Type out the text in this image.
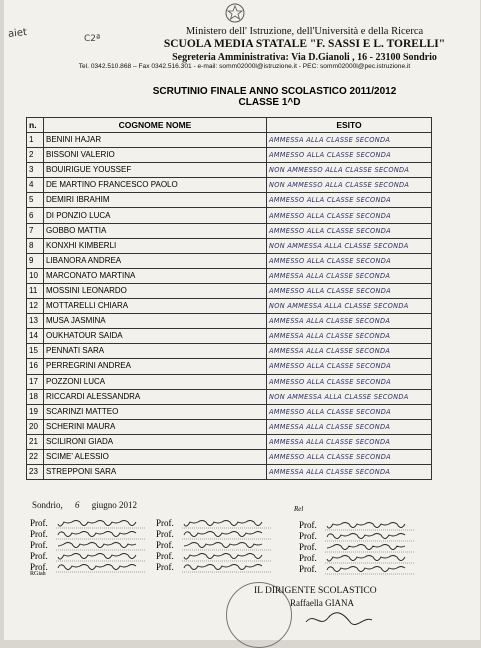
aiet	C2ª
Ministero dell' Istruzione, dell'Università e della Ricerca
SCUOLA MEDIA STATALE "F. SASSI E L. TORELLI"
Segreteria Amministrativa: Via D.Gianoli , 16 - 23100 Sondrio
Tel. 0342.510.868 – Fax 0342.516.301 - e-mail: somm02000l@istruzione.it - PEC: somm02000l@pec.istruzione.it
SCRUTINIO FINALE ANNO SCOLASTICO 2011/2012
CLASSE 1^D
n.	COGNOME NOME	ESITO
1	BENINI HAJAR	AMMESSA ALLA CLASSE SECONDA
2	BISSONI VALERIO	AMMESSO ALLA CLASSE SECONDA
3	BOUIRIGUE YOUSSEF	NON AMMESSO ALLA CLASSE SECONDA
4	DE MARTINO FRANCESCO PAOLO	NON AMMESSO ALLA CLASSE SECONDA
5	DEMIRI IBRAHIM	AMMESSO ALLA CLASSE SECONDA
6	DI PONZIO LUCA	AMMESSO ALLA CLASSE SECONDA
7	GOBBO MATTIA	AMMESSO ALLA CLASSE SECONDA
8	KONXHI KIMBERLI	NON AMMESSA ALLA CLASSE SECONDA
9	LIBANORA ANDREA	AMMESSO ALLA CLASSE SECONDA
10	MARCONATO MARTINA	AMMESSA ALLA CLASSE SECONDA
11	MOSSINI LEONARDO	AMMESSO ALLA CLASSE SECONDA
12	MOTTARELLI CHIARA	NON AMMESSA ALLA CLASSE SECONDA
13	MUSA JASMINA	AMMESSA ALLA CLASSE SECONDA
14	OUKHATOUR SAIDA	AMMESSA ALLA CLASSE SECONDA
15	PENNATI SARA	AMMESSA ALLA CLASSE SECONDA
16	PERREGRINI ANDREA	AMMESSO ALLA CLASSE SECONDA
17	POZZONI LUCA	AMMESSO ALLA CLASSE SECONDA
18	RICCARDI ALESSANDRA	NON AMMESSA ALLA CLASSE SECONDA
19	SCARINZI MATTEO	AMMESSO ALLA CLASSE SECONDA
20	SCHERINI MAURA	AMMESSA ALLA CLASSE SECONDA
21	SCILIRONI GIADA	AMMESSA ALLA CLASSE SECONDA
22	SCIME' ALESSIO	AMMESSO ALLA CLASSE SECONDA
23	STREPPONI SARA	AMMESSA ALLA CLASSE SECONDA
Sondrio, 6 giugno 2012
Prof.
Prof.
Prof.
Prof.
Prof.
Prof.
Prof.
Prof.
Prof.
Prof.
Prof.
Prof.
Prof.
Prof.
Prof.
RGiah
Rel
IL DIRIGENTE SCOLASTICO
Raffaella GIANA
